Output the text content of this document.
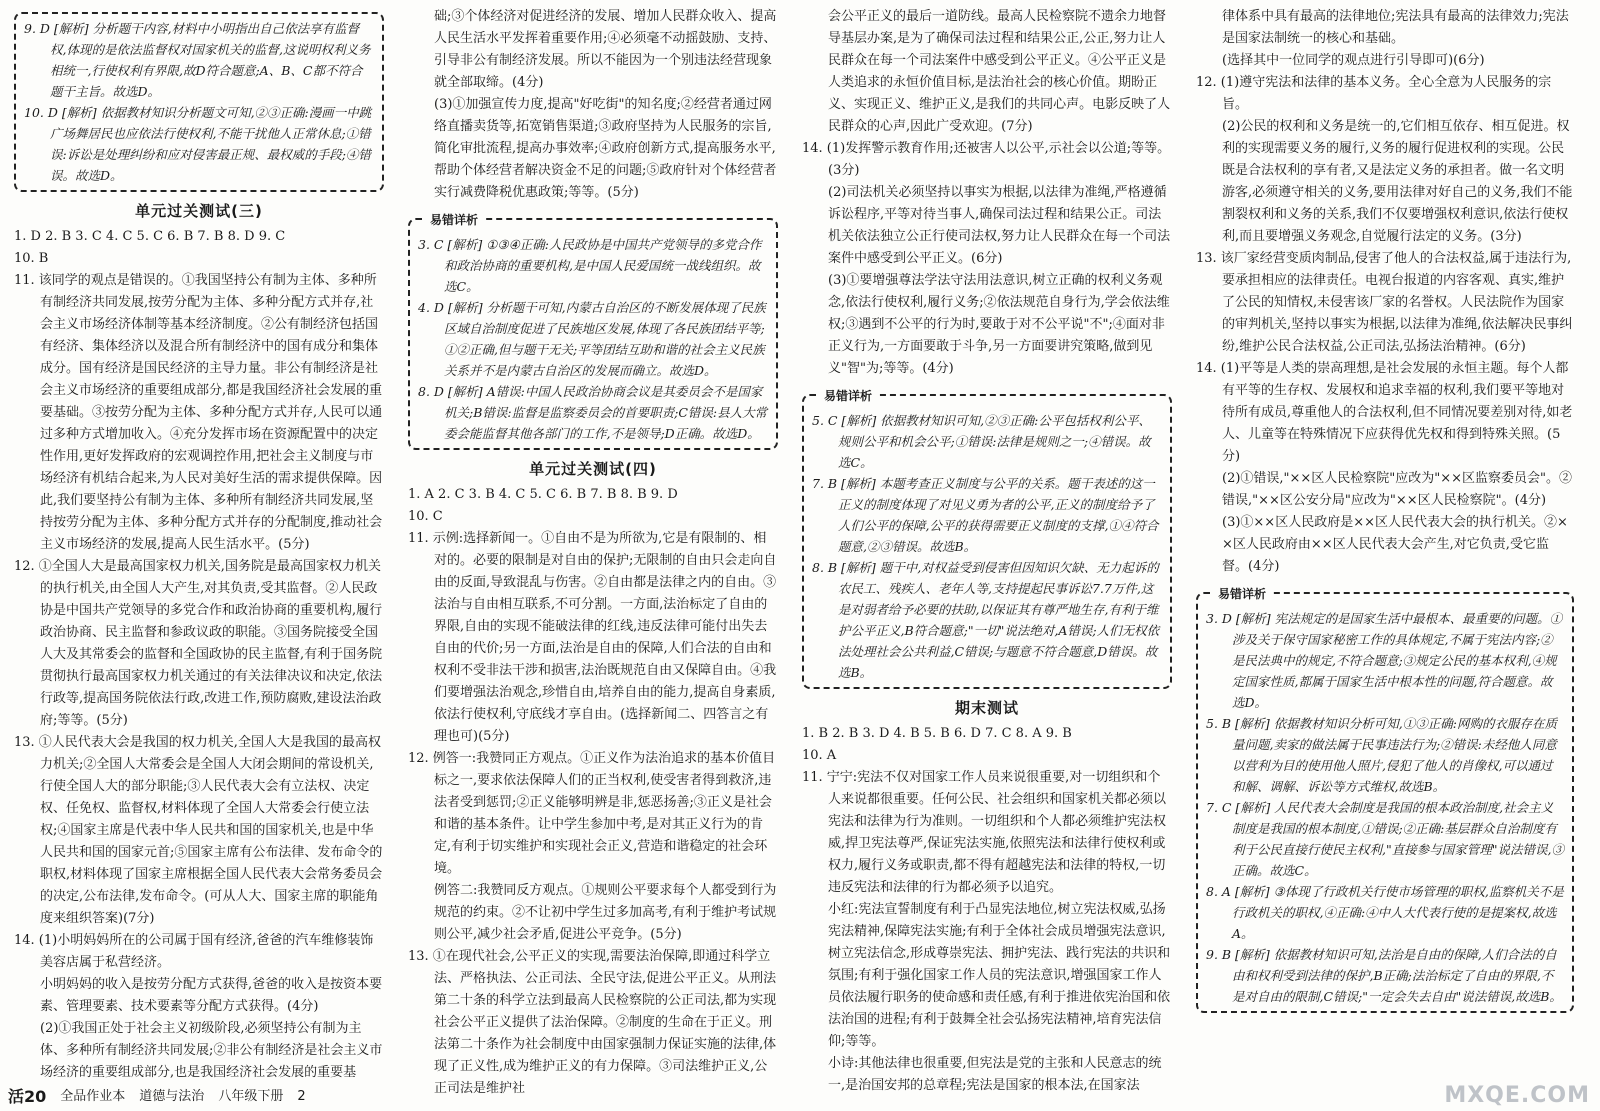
9. D [解析] 分析题干内容,材料中小明指出自己依法享有监督权,体现的是依法监督权对国家机关的监督,这说明权利义务相统一,行使权利有界限,故D符合题意;A、B、C都不符合题干主旨。故选D。

10. D [解析] 依据教材知识分析题文可知,②③正确:漫画一中跳广场舞居民也应依法行使权利,不能干扰他人正常休息;①错误:诉讼是处理纠纷和应对侵害最正规、最权威的手段;④错误。故选D。

单元过关测试(三)

1. D 2. B 3. C 4. C 5. C 6. B 7. B 8. D 9. C

10. B

11. 该同学的观点是错误的。①我国坚持公有制为主体、多种所有制经济共同发展,按劳分配为主体、多种分配方式并存,社会主义市场经济体制等基本经济制度。②公有制经济包括国有经济、集体经济以及混合所有制经济中的国有成分和集体成分。国有经济是国民经济的主导力量。非公有制经济是社会主义市场经济的重要组成部分,都是我国经济社会发展的重要基础。③按劳分配为主体、多种分配方式并存,人民可以通过多种方式增加收入。④充分发挥市场在资源配置中的决定性作用,更好发挥政府的宏观调控作用,把社会主义制度与市场经济有机结合起来,为人民对美好生活的需求提供保障。因此,我们要坚持公有制为主体、多种所有制经济共同发展,坚持按劳分配为主体、多种分配方式并存的分配制度,推动社会主义市场经济的发展,提高人民生活水平。(5分)

12. ①全国人大是最高国家权力机关,国务院是最高国家权力机关的执行机关,由全国人大产生,对其负责,受其监督。②人民政协是中国共产党领导的多党合作和政治协商的重要机构,履行政治协商、民主监督和参政议政的职能。③国务院接受全国人大及其常委会的监督和全国政协的民主监督,有利于国务院贯彻执行最高国家权力机关通过的有关法律决议和决定,依法行政等,提高国务院依法行政,改进工作,预防腐败,建设法治政府;等等。(5分)

13. ①人民代表大会是我国的权力机关,全国人大是我国的最高权力机关;②全国人大常委会是全国人大闭会期间的常设机关,行使全国人大的部分职能;③人民代表大会有立法权、决定权、任免权、监督权,材料体现了全国人大常委会行使立法权;④国家主席是代表中华人民共和国的国家机关,也是中华人民共和国的国家元首;⑤国家主席有公布法律、发布命令的职权,材料体现了国家主席根据全国人民代表大会常务委员会的决定,公布法律,发布命令。(可从人大、国家主席的职能角度来组织答案)(7分)

14. (1)小明妈妈所在的公司属于国有经济,爸爸的汽车维修装饰美容店属于私营经济。

小明妈妈的收入是按劳分配方式获得,爸爸的收入是按资本要素、管理要素、技术要素等分配方式获得。(4分)

(2)①我国正处于社会主义初级阶段,必须坚持公有制为主体、多种所有制经济共同发展;②非公有制经济是社会主义市场经济的重要组成部分,也是我国经济社会发展的重要基

础;③个体经济对促进经济的发展、增加人民群众收入、提高人民生活水平发挥着重要作用;④必须毫不动摇鼓励、支持、引导非公有制经济发展。所以不能因为一个别违法经营现象就全部取缔。(4分)

(3)①加强宣传力度,提高"好吃街"的知名度;②经营者通过网络直播卖货等,拓宽销售渠道;③政府坚持为人民服务的宗旨,简化审批流程,提高办事效率;④政府创新方式,提高服务水平,帮助个体经营者解决资金不足的问题;⑤政府针对个体经营者实行减费降税优惠政策;等等。(5分)

易错详析

3. C [解析] ①③④正确:人民政协是中国共产党领导的多党合作和政治协商的重要机构,是中国人民爱国统一战线组织。故选C。

4. D [解析] 分析题干可知,内蒙古自治区的不断发展体现了民族区域自治制度促进了民族地区发展,体现了各民族团结平等;①②正确,但与题干无关;平等团结互助和谐的社会主义民族关系并不是内蒙古自治区的发展而确立。故选D。

8. D [解析] A错误:中国人民政治协商会议是其委员会不是国家机关;B错误:监督是监察委员会的首要职责;C错误:县人大常委会能监督其他各部门的工作,不是领导;D正确。故选D。

单元过关测试(四)

1. A 2. C 3. B 4. C 5. C 6. B 7. B 8. B 9. D

10. C

11. 示例:选择新闻一。①自由不是为所欲为,它是有限制的、相对的。必要的限制是对自由的保护;无限制的自由只会走向自由的反面,导致混乱与伤害。②自由都是法律之内的自由。③法治与自由相互联系,不可分割。一方面,法治标定了自由的界限,自由的实现不能破法律的红线,违反法律可能付出失去自由的代价;另一方面,法治是自由的保障,人们合法的自由和权利不受非法干涉和损害,法治既规范自由又保障自由。④我们要增强法治观念,珍惜自由,培养自由的能力,提高自身素质,依法行使权利,守底线才享自由。(选择新闻二、四答言之有理也可)(5分)

12. 例答一:我赞同正方观点。①正义作为法治追求的基本价值目标之一,要求依法保障人们的正当权利,使受害者得到救济,违法者受到惩罚;②正义能够明辨是非,惩恶扬善;③正义是社会和谐的基本条件。让中学生参加中考,是对其正义行为的肯定,有利于切实维护和实现社会正义,营造和谐稳定的社会环境。

例答二:我赞同反方观点。①规则公平要求每个人都受到行为规范的约束。②不让初中学生过多加高考,有利于维护考试规则公平,减少社会矛盾,促进公平竞争。(5分)

13. ①在现代社会,公平正义的实现,需要法治保障,即通过科学立法、严格执法、公正司法、全民守法,促进公平正义。从刑法第二十条的科学立法到最高人民检察院的公正司法,都为实现社会公平正义提供了法治保障。②制度的生命在于正义。刑法第二十条作为社会制度中由国家强制力保证实施的法律,体现了正义性,成为维护正义的有力保障。③司法维护正义,公正司法是维护社

会公平正义的最后一道防线。最高人民检察院不遗余力地督导基层办案,是为了确保司法过程和结果公正,公正,努力让人民群众在每一个司法案件中感受到公平正义。④公平正义是人类追求的永恒价值目标,是法治社会的核心价值。期盼正义、实现正义、维护正义,是我们的共同心声。电影反映了人民群众的心声,因此广受欢迎。(7分)

14. (1)发挥警示教育作用;还被害人以公平,示社会以公道;等等。(3分)

(2)司法机关必须坚持以事实为根据,以法律为准绳,严格遵循诉讼程序,平等对待当事人,确保司法过程和结果公正。司法机关依法独立公正行使司法权,努力让人民群众在每一个司法案件中感受到公平正义。(6分)

(3)①要增强尊法学法守法用法意识,树立正确的权利义务观念,依法行使权利,履行义务;②依法规范自身行为,学会依法维权;③遇到不公平的行为时,要敢于对不公平说"不";④面对非正义行为,一方面要敢于斗争,另一方面要讲究策略,做到见义"智"为;等等。(4分)

易错详析

5. C [解析] 依据教材知识可知,②③正确:公平包括权利公平、规则公平和机会公平;①错误:法律是规则之一;④错误。故选C。

7. B [解析] 本题考查正义制度与公平的关系。题干表述的这一正义的制度体现了对见义勇为者的公平,正义的制度给予了人们公平的保障,公平的获得需要正义制度的支撑,①④符合题意,②③错误。故选B。

8. B [解析] 题干中,对权益受到侵害但因知识欠缺、无力起诉的农民工、残疾人、老年人等,支持提起民事诉讼7.7万件,这是对弱者给予必要的扶助,以保证其有尊严地生存,有利于维护公平正义,B符合题意;"一切"说法绝对,A错误;人们无权依法处理社会公共利益,C错误;与题意不符合题意,D错误。故选B。

期末测试

1. B 2. B 3. D 4. B 5. B 6. D 7. C 8. A 9. B

10. A

11. 宁宁:宪法不仅对国家工作人员来说很重要,对一切组织和个人来说都很重要。任何公民、社会组织和国家机关都必须以宪法和法律为行为准则。一切组织和个人都必须维护宪法权威,捍卫宪法尊严,保证宪法实施,依照宪法和法律行使权利或权力,履行义务或职责,都不得有超越宪法和法律的特权,一切违反宪法和法律的行为都必须予以追究。

小红:宪法宣誓制度有利于凸显宪法地位,树立宪法权威,弘扬宪法精神,保障宪法实施;有利于全体社会成员增强宪法意识,树立宪法信念,形成尊崇宪法、拥护宪法、践行宪法的共识和氛围;有利于强化国家工作人员的宪法意识,增强国家工作人员依法履行职务的使命感和责任感,有利于推进依宪治国和依法治国的进程;有利于鼓舞全社会弘扬宪法精神,培育宪法信仰;等等。

小诗:其他法律也很重要,但宪法是党的主张和人民意志的统一,是治国安邦的总章程;宪法是国家的根本法,在国家法

律体系中具有最高的法律地位;宪法具有最高的法律效力;宪法是国家法制统一的核心和基础。

(选择其中一位同学的观点进行引导即可)(6分)

12. (1)遵守宪法和法律的基本义务。全心全意为人民服务的宗旨。

(2)公民的权利和义务是统一的,它们相互依存、相互促进。权利的实现需要义务的履行,义务的履行促进权利的实现。公民既是合法权利的享有者,又是法定义务的承担者。做一名文明游客,必须遵守相关的义务,要用法律对好自己的义务,我们不能割裂权利和义务的关系,我们不仅要增强权利意识,依法行使权利,而且要增强义务观念,自觉履行法定的义务。(3分)

13. 该厂家经营变质肉制品,侵害了他人的合法权益,属于违法行为,要承担相应的法律责任。电视台报道的内容客观、真实,维护了公民的知情权,未侵害该厂家的名誉权。人民法院作为国家的审判机关,坚持以事实为根据,以法律为准绳,依法解决民事纠纷,维护公民合法权益,公正司法,弘扬法治精神。(6分)

14. (1)平等是人类的崇高理想,是社会发展的永恒主题。每个人都有平等的生存权、发展权和追求幸福的权利,我们要平等地对待所有成员,尊重他人的合法权利,但不同情况要差别对待,如老人、儿童等在特殊情况下应获得优先权和得到特殊关照。(5分)

(2)①错误,"××区人民检察院"应改为"××区监察委员会"。②错误,"××区公安分局"应改为"××区人民检察院"。(4分)

(3)①××区人民政府是××区人民代表大会的执行机关。②××区人民政府由××区人民代表大会产生,对它负责,受它监督。(4分)

易错详析

3. D [解析] 宪法规定的是国家生活中最根本、最重要的问题。①涉及关于保守国家秘密工作的具体规定,不属于宪法内容;②是民法典中的规定,不符合题意;③规定公民的基本权利,④规定国家性质,都属于国家生活中根本性的问题,符合题意。故选D。

5. B [解析] 依据教材知识分析可知,①③正确:网购的衣服存在质量问题,卖家的做法属于民事违法行为;②错误:未经他人同意以营利为目的使用他人照片,侵犯了他人的肖像权,可以通过和解、调解、诉讼等方式维权,故选B。

7. C [解析] 人民代表大会制度是我国的根本政治制度,社会主义制度是我国的根本制度,①错误;②正确:基层群众自治制度有利于公民直接行使民主权利,"直接参与国家管理"说法错误,③正确。故选C。

8. A [解析] ③体现了行政机关行使市场管理的职权,监察机关不是行政机关的职权,④正确:④中人大代表行使的是提案权,故选A。

9. B [解析] 依据教材知识可知,法治是自由的保障,人们合法的自由和权利受到法律的保护,B正确;法治标定了自由的界限,不是对自由的限制,C错误;"一定会失去自由"说法错误,故选B。

活20 全品作业本 道德与法治 八年级下册 2	MXQE.COM
